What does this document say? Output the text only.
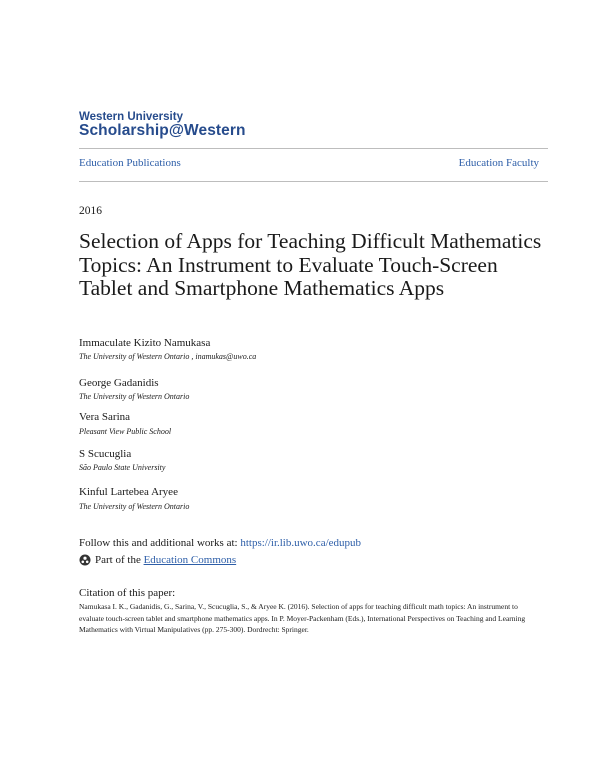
Western University
Scholarship@Western
Education Publications	Education Faculty
2016
Selection of Apps for Teaching Difficult Mathematics Topics: An Instrument to Evaluate Touch-Screen Tablet and Smartphone Mathematics Apps
Immaculate Kizito Namukasa
The University of Western Ontario , inamukas@uwo.ca
George Gadanidis
The University of Western Ontario
Vera Sarina
Pleasant View Public School
S Scucuglia
São Paulo State University
Kinful Lartebea Aryee
The University of Western Ontario
Follow this and additional works at: https://ir.lib.uwo.ca/edupub
Part of the
Education Commons
Citation of this paper:
Namukasa I. K., Gadanidis, G., Sarina, V., Scucuglia, S., & Aryee K. (2016). Selection of apps for teaching difficult math topics: An instrument to evaluate touch-screen tablet and smartphone mathematics apps. In P. Moyer-Packenham (Eds.), International Perspectives on Teaching and Learning Mathematics with Virtual Manipulatives (pp. 275-300). Dordrecht: Springer.
